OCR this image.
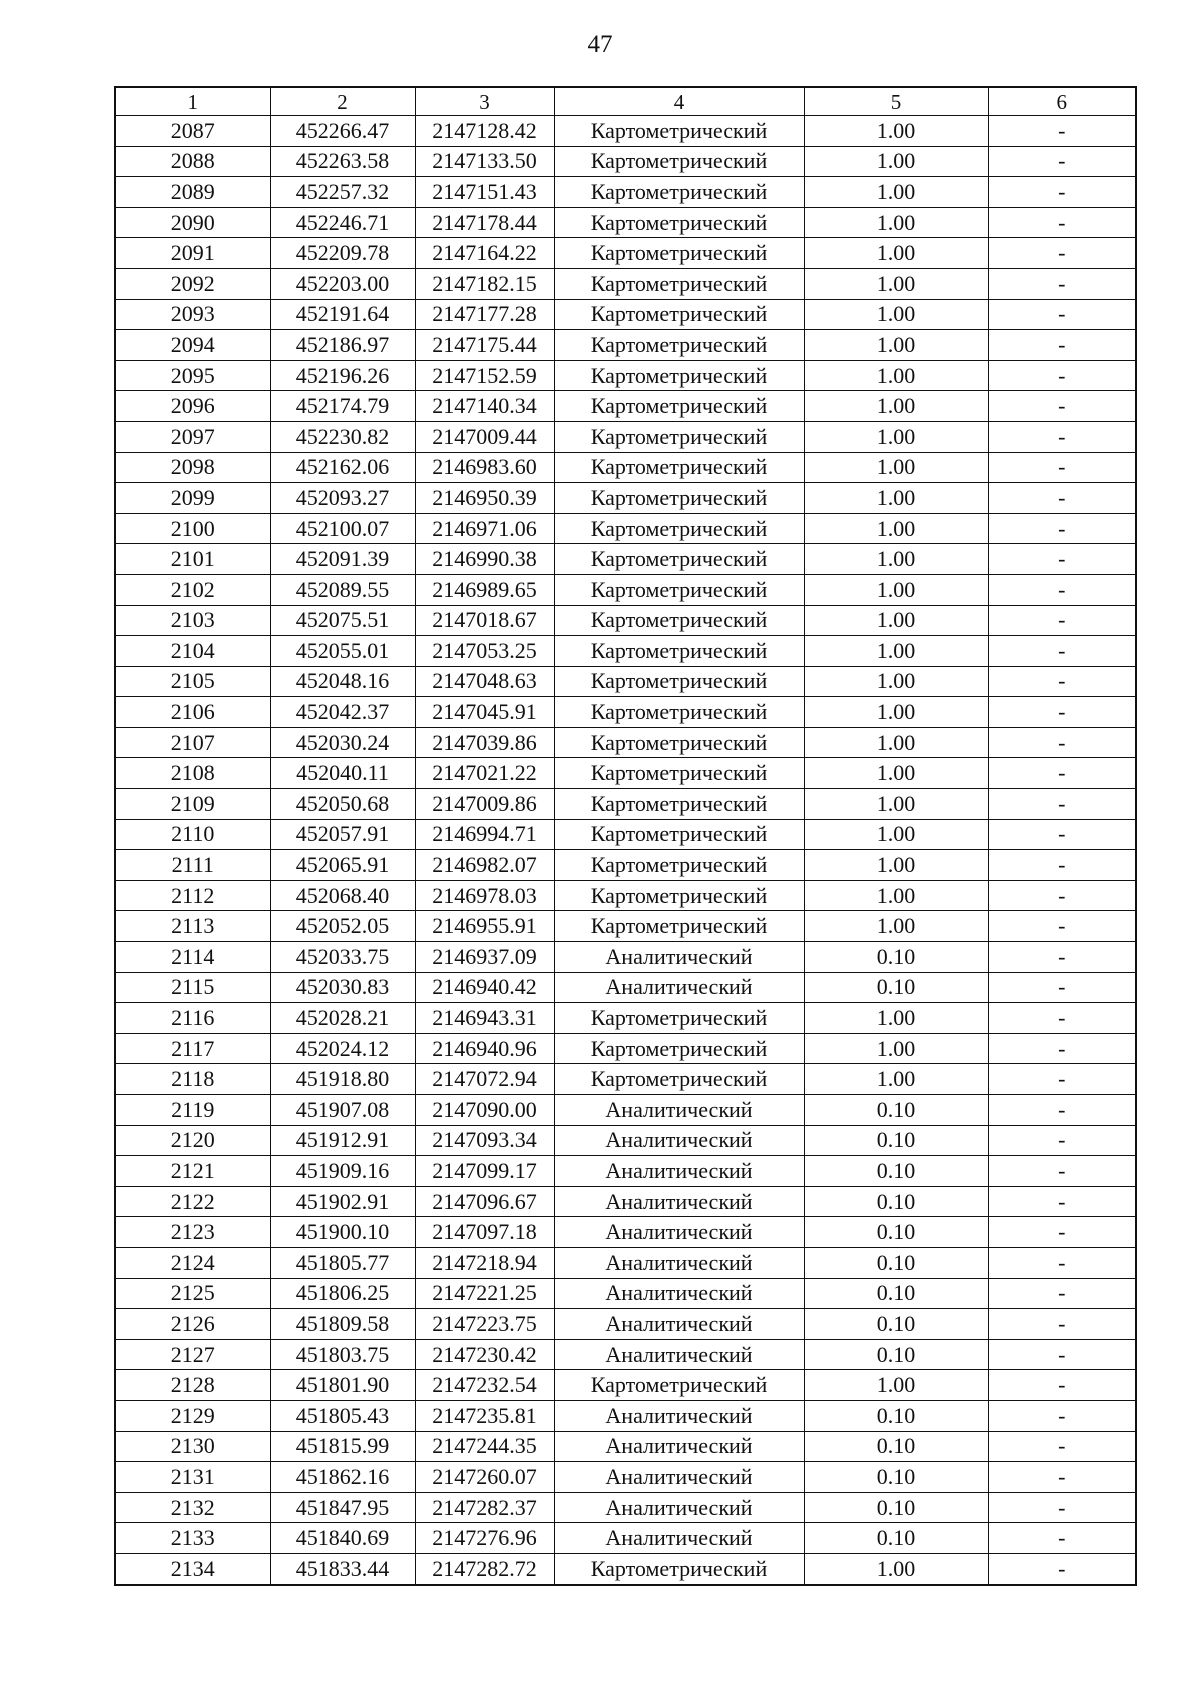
47
1	2	3	4	5	6
2087	452266.47	2147128.42	Картометрический	1.00	-
2088	452263.58	2147133.50	Картометрический	1.00	-
2089	452257.32	2147151.43	Картометрический	1.00	-
2090	452246.71	2147178.44	Картометрический	1.00	-
2091	452209.78	2147164.22	Картометрический	1.00	-
2092	452203.00	2147182.15	Картометрический	1.00	-
2093	452191.64	2147177.28	Картометрический	1.00	-
2094	452186.97	2147175.44	Картометрический	1.00	-
2095	452196.26	2147152.59	Картометрический	1.00	-
2096	452174.79	2147140.34	Картометрический	1.00	-
2097	452230.82	2147009.44	Картометрический	1.00	-
2098	452162.06	2146983.60	Картометрический	1.00	-
2099	452093.27	2146950.39	Картометрический	1.00	-
2100	452100.07	2146971.06	Картометрический	1.00	-
2101	452091.39	2146990.38	Картометрический	1.00	-
2102	452089.55	2146989.65	Картометрический	1.00	-
2103	452075.51	2147018.67	Картометрический	1.00	-
2104	452055.01	2147053.25	Картометрический	1.00	-
2105	452048.16	2147048.63	Картометрический	1.00	-
2106	452042.37	2147045.91	Картометрический	1.00	-
2107	452030.24	2147039.86	Картометрический	1.00	-
2108	452040.11	2147021.22	Картометрический	1.00	-
2109	452050.68	2147009.86	Картометрический	1.00	-
2110	452057.91	2146994.71	Картометрический	1.00	-
2111	452065.91	2146982.07	Картометрический	1.00	-
2112	452068.40	2146978.03	Картометрический	1.00	-
2113	452052.05	2146955.91	Картометрический	1.00	-
2114	452033.75	2146937.09	Аналитический	0.10	-
2115	452030.83	2146940.42	Аналитический	0.10	-
2116	452028.21	2146943.31	Картометрический	1.00	-
2117	452024.12	2146940.96	Картометрический	1.00	-
2118	451918.80	2147072.94	Картометрический	1.00	-
2119	451907.08	2147090.00	Аналитический	0.10	-
2120	451912.91	2147093.34	Аналитический	0.10	-
2121	451909.16	2147099.17	Аналитический	0.10	-
2122	451902.91	2147096.67	Аналитический	0.10	-
2123	451900.10	2147097.18	Аналитический	0.10	-
2124	451805.77	2147218.94	Аналитический	0.10	-
2125	451806.25	2147221.25	Аналитический	0.10	-
2126	451809.58	2147223.75	Аналитический	0.10	-
2127	451803.75	2147230.42	Аналитический	0.10	-
2128	451801.90	2147232.54	Картометрический	1.00	-
2129	451805.43	2147235.81	Аналитический	0.10	-
2130	451815.99	2147244.35	Аналитический	0.10	-
2131	451862.16	2147260.07	Аналитический	0.10	-
2132	451847.95	2147282.37	Аналитический	0.10	-
2133	451840.69	2147276.96	Аналитический	0.10	-
2134	451833.44	2147282.72	Картометрический	1.00	-
